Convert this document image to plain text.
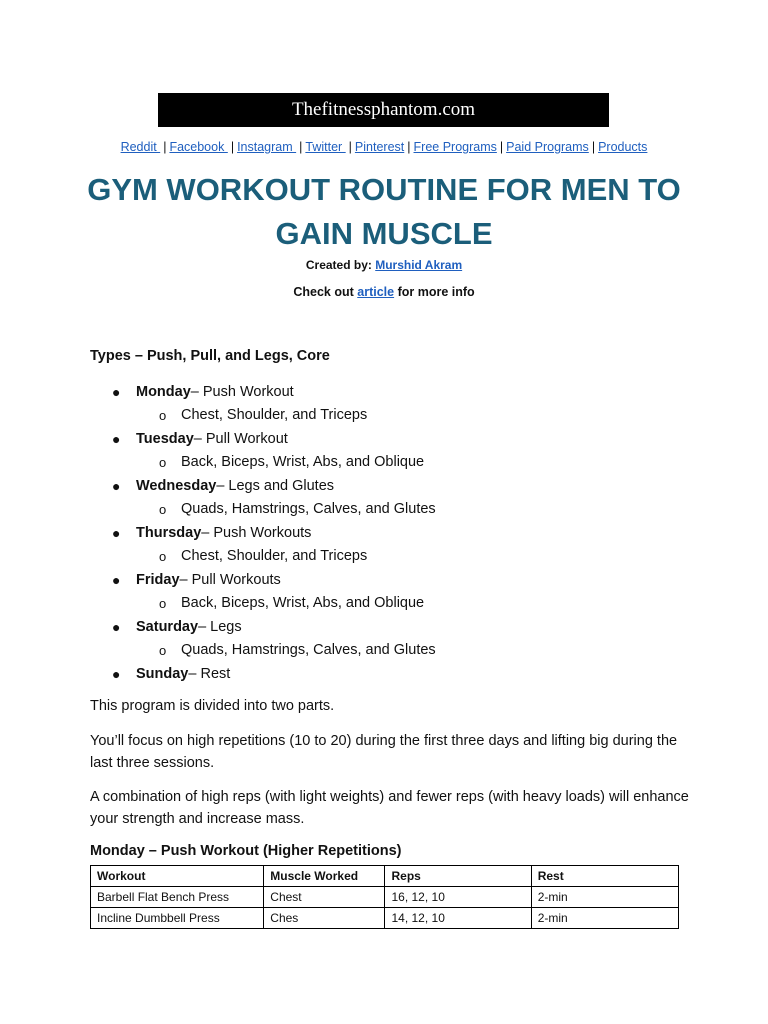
Thefitnessphantom.com
Reddit | Facebook | Instagram | Twitter | Pinterest | Free Programs | Paid Programs | Products
GYM WORKOUT ROUTINE FOR MEN TO
GAIN MUSCLE
Created by: Murshid Akram
Check out article for more info
Types – Push, Pull, and Legs, Core
●	Monday – Push Workout
o	Chest, Shoulder, and Triceps
●	Tuesday – Pull Workout
o	Back, Biceps, Wrist, Abs, and Oblique
●	Wednesday – Legs and Glutes
o	Quads, Hamstrings, Calves, and Glutes
●	Thursday – Push Workouts
o	Chest, Shoulder, and Triceps
●	Friday – Pull Workouts
o	Back, Biceps, Wrist, Abs, and Oblique
●	Saturday – Legs
o	Quads, Hamstrings, Calves, and Glutes
●	Sunday – Rest

This program is divided into two parts.

You’ll focus on high repetitions (10 to 20) during the first three days and lifting big during the last three sessions.

A combination of high reps (with light weights) and fewer reps (with heavy loads) will enhance your strength and increase mass.

Monday – Push Workout (Higher Repetitions)
Workout	Muscle Worked	Reps	Rest
Barbell Flat Bench Press	Chest	16, 12, 10	2-min
Incline Dumbbell Press	Ches	14, 12, 10	2-min
